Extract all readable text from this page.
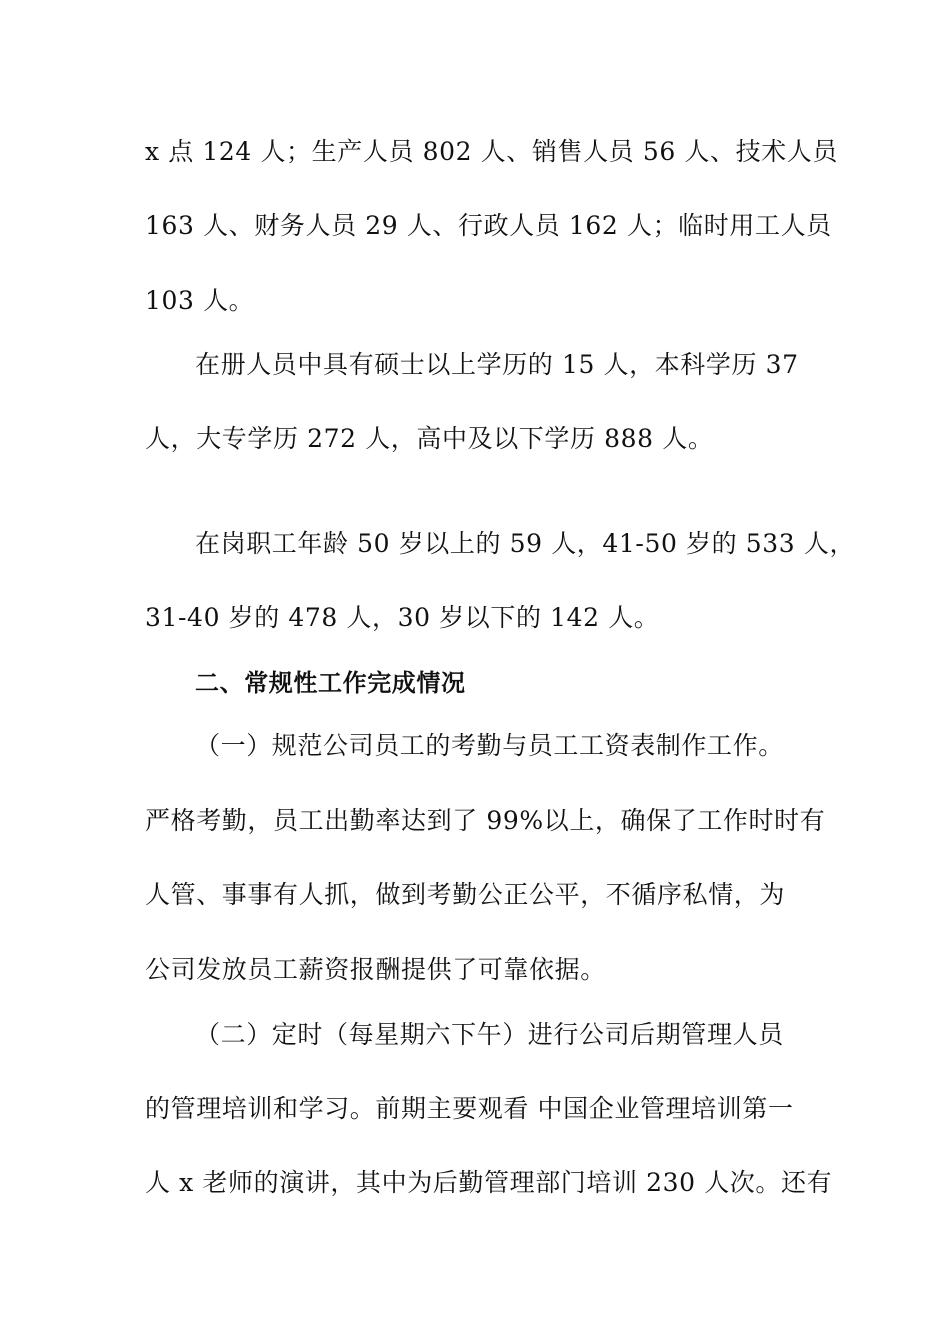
x 点 124 人；生产人员 802 人、销售人员 56 人、技术人员
163 人、财务人员 29 人、行政人员 162 人；临时用工人员
103 人。
在册人员中具有硕士以上学历的 15 人，本科学历 37
人，大专学历 272 人，高中及以下学历 888 人。
在岗职工年龄 50 岁以上的 59 人，41-50 岁的 533 人，
31-40 岁的 478 人，30 岁以下的 142 人。
二、常规性工作完成情况
（一）规范公司员工的考勤与员工工资表制作工作。
严格考勤，员工出勤率达到了 99%以上，确保了工作时时有
人管、事事有人抓，做到考勤公正公平，不循序私情，为
公司发放员工薪资报酬提供了可靠依据。
（二）定时（每星期六下午）进行公司后期管理人员
的管理培训和学习。前期主要观看 中国企业管理培训第一
人 x 老师的演讲，其中为后勤管理部门培训 230 人次。还有
